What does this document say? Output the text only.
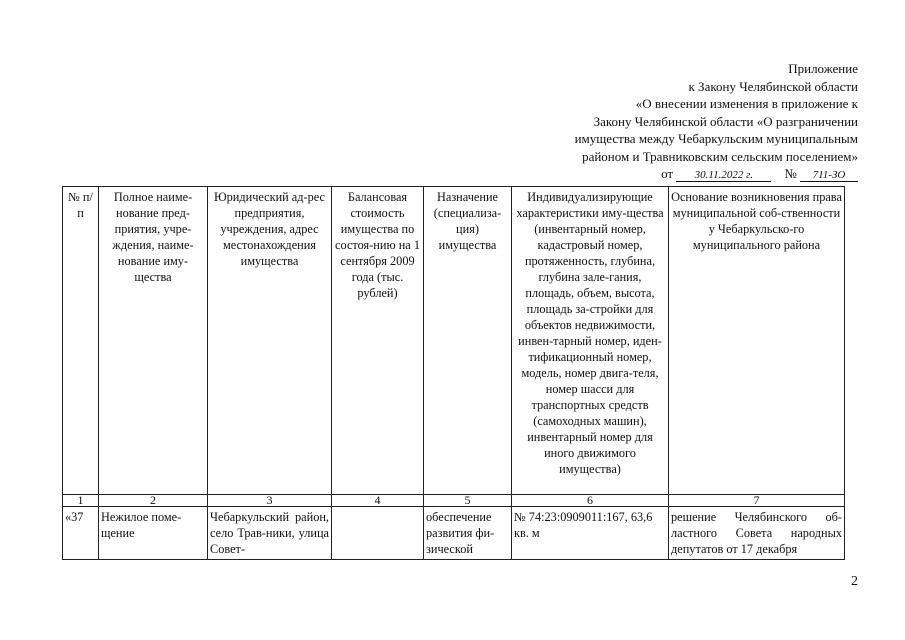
Приложение
к Закону Челябинской области
«О внесении изменения в приложение к
Закону Челябинской области «О разграничении
имущества между Чебаркульским муниципальным
районом и Травниковским сельским поселением»
от 30.11.2022 г. № 711-ЗО
№ п/п	Полное наиме-нование пред-приятия, учре-ждения, наиме-нование иму-щества	Юридический ад-рес предприятия, учреждения, адрес местонахождения имущества	Балансовая стоимость имущества по состоя-нию на 1 сентября 2009 года (тыс. рублей)	Назначение (специализа-ция) имущества	Индивидуализирующие характеристики иму-щества (инвентарный номер, кадастровый номер, протяженность, глубина, глубина зале-гания, площадь, объем, высота, площадь за-стройки для объектов недвижимости, инвен-тарный номер, иден-тификационный номер, модель, номер двига-теля, номер шасси для транспортных средств (самоходных машин), инвентарный номер для иного движимого имущества)	Основание возникновения права муниципальной соб-ственности у Чебаркульско-го муниципального района
1	2	3	4	5	6	7
«37	Нежилое поме-щение	Чебаркульский район, село Трав-ники, улица Совет-		обеспечение развития фи-зической	№ 74:23:0909011:167, 63,6 кв. м	решение Челябинского об-ластного Совета народных депутатов от 17 декабря
2
